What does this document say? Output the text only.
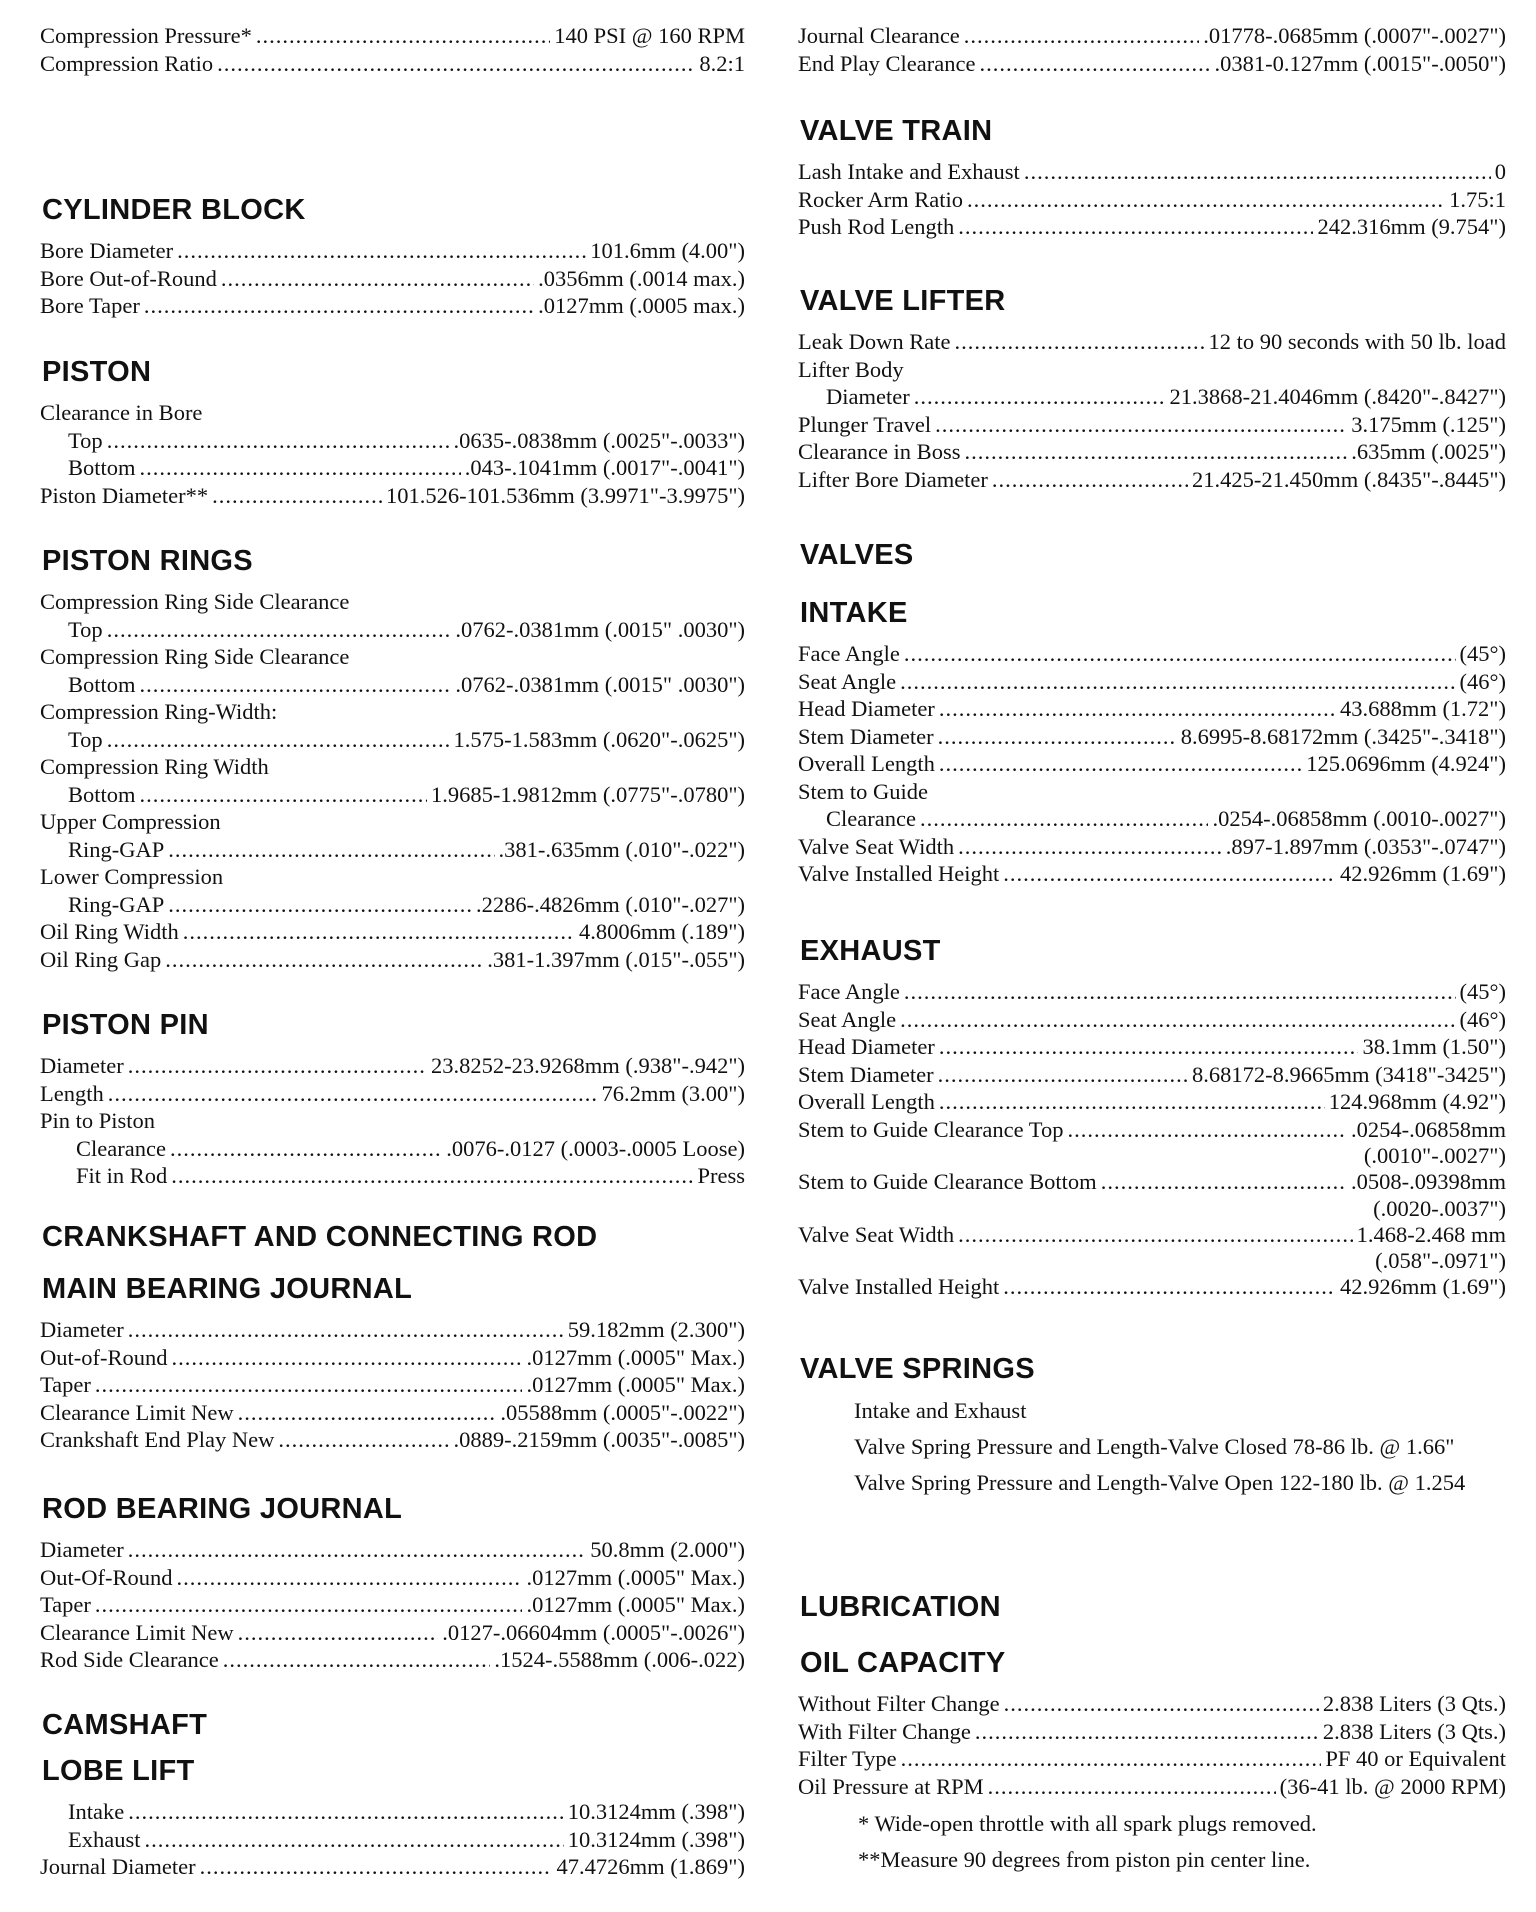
Compression Pressure* .....	140 PSI @ 160 RPM
Compression Ratio .....	8.2:1
CYLINDER BLOCK
Bore Diameter .....	101.6mm (4.00")
Bore Out-of-Round .....	.0356mm (.0014 max.)
Bore Taper .....	.0127mm (.0005 max.)
PISTON
Clearance in Bore
Top .....	.0635-.0838mm (.0025"-.0033")
Bottom .....	.043-.1041mm (.0017"-.0041")
Piston Diameter** .....	101.526-101.536mm (3.9971"-3.9975")
PISTON RINGS
Compression Ring Side Clearance
Top .....	.0762-.0381mm (.0015" .0030")
Compression Ring Side Clearance
Bottom .....	.0762-.0381mm (.0015" .0030")
Compression Ring-Width:
Top .....	1.575-1.583mm (.0620"-.0625")
Compression Ring Width
Bottom .....	1.9685-1.9812mm (.0775"-.0780")
Upper Compression
Ring-GAP .....	.381-.635mm (.010"-.022")
Lower Compression
Ring-GAP .....	.2286-.4826mm (.010"-.027")
Oil Ring Width .....	4.8006mm (.189")
Oil Ring Gap .....	.381-1.397mm (.015"-.055")
PISTON PIN
Diameter .....	23.8252-23.9268mm (.938"-.942")
Length .....	76.2mm (3.00")
Pin to Piston
Clearance .....	.0076-.0127 (.0003-.0005 Loose)
Fit in Rod .....	Press
CRANKSHAFT AND CONNECTING ROD
MAIN BEARING JOURNAL
Diameter .....	59.182mm (2.300")
Out-of-Round .....	.0127mm (.0005" Max.)
Taper .....	.0127mm (.0005" Max.)
Clearance Limit New .....	.05588mm (.0005"-.0022")
Crankshaft End Play New .....	.0889-.2159mm (.0035"-.0085")
ROD BEARING JOURNAL
Diameter .....	50.8mm (2.000")
Out-Of-Round .....	.0127mm (.0005" Max.)
Taper .....	.0127mm (.0005" Max.)
Clearance Limit New .....	.0127-.06604mm (.0005"-.0026")
Rod Side Clearance .....	.1524-.5588mm (.006-.022)
CAMSHAFT
LOBE LIFT
Intake .....	10.3124mm (.398")
Exhaust .....	10.3124mm (.398")
Journal Diameter .....	47.4726mm (1.869")
Journal Clearance .....	.01778-.0685mm (.0007"-.0027")
End Play Clearance .....	.0381-0.127mm (.0015"-.0050")
VALVE TRAIN
Lash Intake and Exhaust .....	0
Rocker Arm Ratio .....	1.75:1
Push Rod Length .....	242.316mm (9.754")
VALVE LIFTER
Leak Down Rate .....	12 to 90 seconds with 50 lb. load
Lifter Body
Diameter .....	21.3868-21.4046mm (.8420"-.8427")
Plunger Travel .....	3.175mm (.125")
Clearance in Boss .....	.635mm (.0025")
Lifter Bore Diameter .....	21.425-21.450mm (.8435"-.8445")
VALVES
INTAKE
Face Angle .....	(45°)
Seat Angle .....	(46°)
Head Diameter .....	43.688mm (1.72")
Stem Diameter .....	8.6995-8.68172mm (.3425"-.3418")
Overall Length .....	125.0696mm (4.924")
Stem to Guide
Clearance .....	.0254-.06858mm (.0010-.0027")
Valve Seat Width .....	.897-1.897mm (.0353"-.0747")
Valve Installed Height .....	42.926mm (1.69")
EXHAUST
Face Angle .....	(45°)
Seat Angle .....	(46°)
Head Diameter .....	38.1mm (1.50")
Stem Diameter .....	8.68172-8.9665mm (3418"-3425")
Overall Length .....	124.968mm (4.92")
Stem to Guide Clearance Top .....	.0254-.06858mm
(.0010"-.0027")
Stem to Guide Clearance Bottom .....	.0508-.09398mm
(.0020-.0037")
Valve Seat Width .....	1.468-2.468 mm
(.058"-.0971")
Valve Installed Height .....	42.926mm (1.69")
VALVE SPRINGS

Intake and Exhaust

Valve Spring Pressure and Length-Valve Closed 78-86 lb. @ 1.66"

Valve Spring Pressure and Length-Valve Open 122-180 lb. @ 1.254

LUBRICATION
OIL CAPACITY
Without Filter Change .....	2.838 Liters (3 Qts.)
With Filter Change .....	2.838 Liters (3 Qts.)
Filter Type .....	PF 40 or Equivalent
Oil Pressure at RPM .....	(36-41 lb. @ 2000 RPM)
* Wide-open throttle with all spark plugs removed.
**Measure 90 degrees from piston pin center line.
